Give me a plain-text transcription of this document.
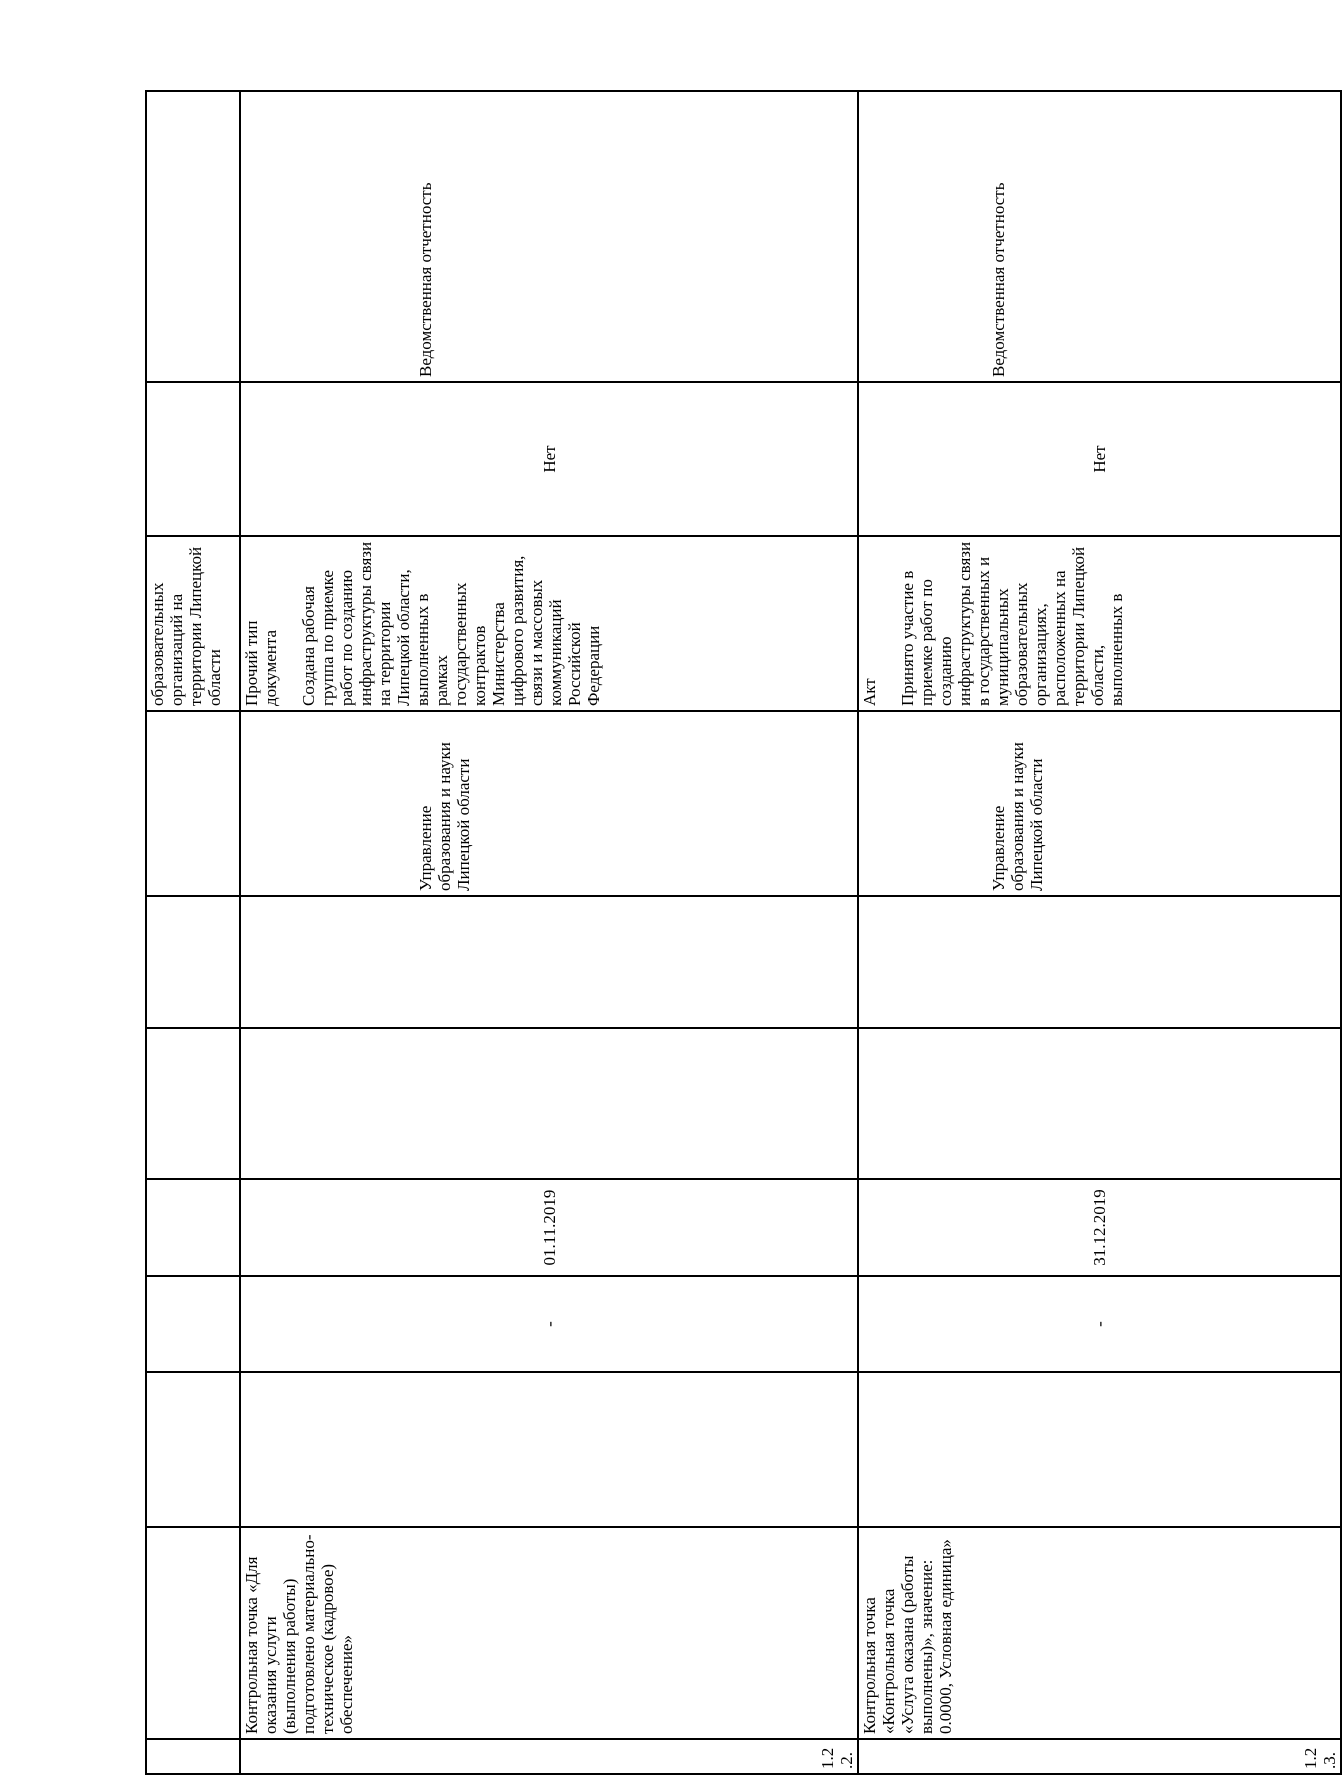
								образовательных организаций на территории Липецкой области		
1.2.2.	Контрольная точка «Для оказания услуги (выполнения работы) подготовлено материально-техническое (кадровое) обеспечение»		-	01.11.2019			Управление образования и науки Липецкой области	Прочий тип документа Создана рабочая группа по приемке работ по созданию инфраструктуры связи на территории Липецкой области, выполненных в рамках государственных контрактов Министерства цифрового развития, связи и массовых коммуникаций Российской Федерации	Нет	Ведомственная отчетность
1.2.3.	Контрольная точка «Контрольная точка «Услуга оказана (работы выполнены)», значение: 0.0000, Условная единица»		-	31.12.2019			Управление образования и науки Липецкой области	Акт Принято участие в приемке работ по созданию инфраструктуры связи в государственных и муниципальных образовательных организациях, расположенных на территории Липецкой области, выполненных в	Нет	Ведомственная отчетность
